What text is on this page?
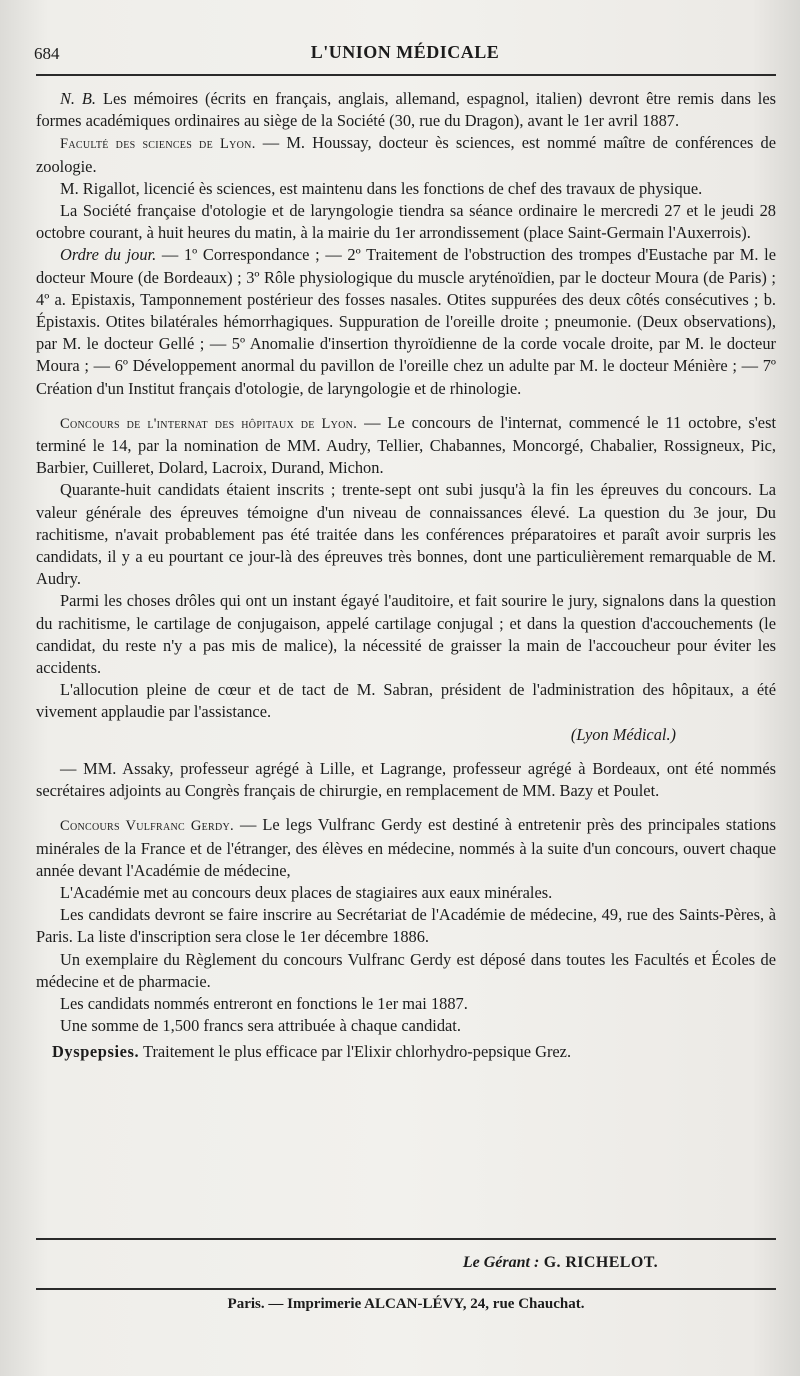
684	L'UNION MÉDICALE

N. B. Les mémoires (écrits en français, anglais, allemand, espagnol, italien) devront être remis dans les formes académiques ordinaires au siège de la Société (30, rue du Dragon), avant le 1er avril 1887.

Faculté des sciences de Lyon. — M. Houssay, docteur ès sciences, est nommé maître de conférences de zoologie.

M. Rigallot, licencié ès sciences, est maintenu dans les fonctions de chef des travaux de physique.

La Société française d'otologie et de laryngologie tiendra sa séance ordinaire le mercredi 27 et le jeudi 28 octobre courant, à huit heures du matin, à la mairie du 1er arrondissement (place Saint-Germain l'Auxerrois).

Ordre du jour. — 1º Correspondance ; — 2º Traitement de l'obstruction des trompes d'Eustache par M. le docteur Moure (de Bordeaux) ; 3º Rôle physiologique du muscle aryténoïdien, par le docteur Moura (de Paris) ; 4º a. Epistaxis, Tamponnement postérieur des fosses nasales. Otites suppurées des deux côtés consécutives ; b. Épistaxis. Otites bilatérales hémorrhagiques. Suppuration de l'oreille droite ; pneumonie. (Deux observations), par M. le docteur Gellé ; — 5º Anomalie d'insertion thyroïdienne de la corde vocale droite, par M. le docteur Moura ; — 6º Développement anormal du pavillon de l'oreille chez un adulte par M. le docteur Ménière ; — 7º Création d'un Institut français d'otologie, de laryngologie et de rhinologie.

Concours de l'internat des hôpitaux de Lyon. — Le concours de l'internat, commencé le 11 octobre, s'est terminé le 14, par la nomination de MM. Audry, Tellier, Chabannes, Moncorgé, Chabalier, Rossigneux, Pic, Barbier, Cuilleret, Dolard, Lacroix, Durand, Michon.

Quarante-huit candidats étaient inscrits ; trente-sept ont subi jusqu'à la fin les épreuves du concours. La valeur générale des épreuves témoigne d'un niveau de connaissances élevé. La question du 3e jour, Du rachitisme, n'avait probablement pas été traitée dans les conférences préparatoires et paraît avoir surpris les candidats, il y a eu pourtant ce jour-là des épreuves très bonnes, dont une particulièrement remarquable de M. Audry.

Parmi les choses drôles qui ont un instant égayé l'auditoire, et fait sourire le jury, signalons dans la question du rachitisme, le cartilage de conjugaison, appelé cartilage conjugal ; et dans la question d'accouchements (le candidat, du reste n'y a pas mis de malice), la nécessité de graisser la main de l'accoucheur pour éviter les accidents.

L'allocution pleine de cœur et de tact de M. Sabran, président de l'administration des hôpitaux, a été vivement applaudie par l'assistance.

(Lyon Médical.)

— MM. Assaky, professeur agrégé à Lille, et Lagrange, professeur agrégé à Bordeaux, ont été nommés secrétaires adjoints au Congrès français de chirurgie, en remplacement de MM. Bazy et Poulet.

Concours Vulfranc Gerdy. — Le legs Vulfranc Gerdy est destiné à entretenir près des principales stations minérales de la France et de l'étranger, des élèves en médecine, nommés à la suite d'un concours, ouvert chaque année devant l'Académie de médecine,

L'Académie met au concours deux places de stagiaires aux eaux minérales.

Les candidats devront se faire inscrire au Secrétariat de l'Académie de médecine, 49, rue des Saints-Pères, à Paris. La liste d'inscription sera close le 1er décembre 1886.

Un exemplaire du Règlement du concours Vulfranc Gerdy est déposé dans toutes les Facultés et Écoles de médecine et de pharmacie.

Les candidats nommés entreront en fonctions le 1er mai 1887.

Une somme de 1,500 francs sera attribuée à chaque candidat.

Dyspepsies. Traitement le plus efficace par l'Elixir chlorhydro-pepsique Grez.

Le Gérant : G. RICHELOT.
Paris. — Imprimerie ALCAN-LÉVY, 24, rue Chauchat.
